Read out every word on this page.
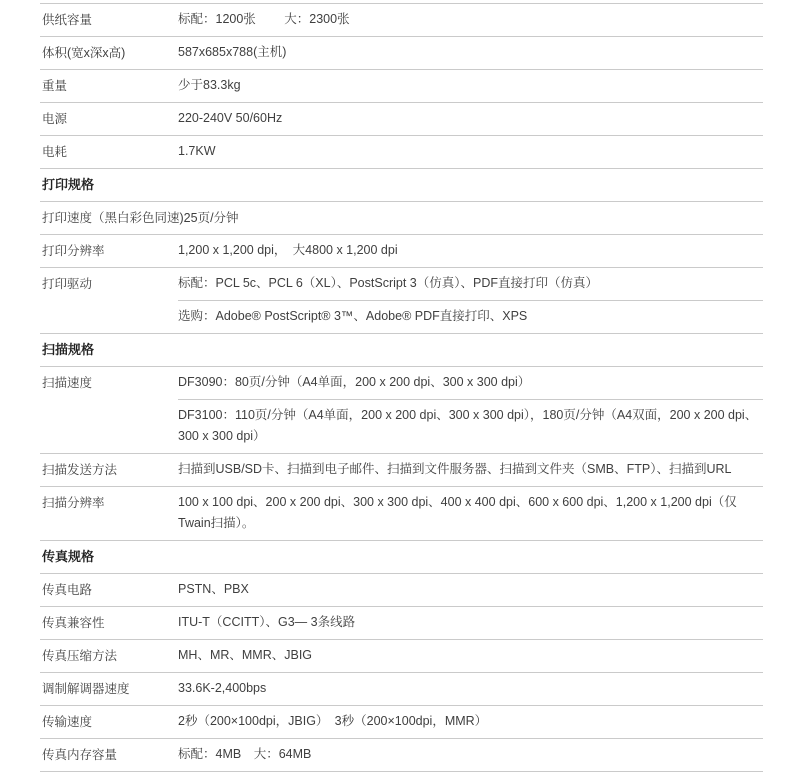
供纸容量	标配：1200张　　 大：2300张
体积(宽x深x高)	587x685x788(主机)
重量	少于83.3kg
电源	220-240V 50/60Hz
电耗	1.7KW
打印规格
打印速度（黑白彩色同速)25页/分钟
打印分辨率	1,200 x 1,200 dpi，　大4800 x 1,200 dpi
打印驱动	标配：PCL 5c、PCL 6（XL）、PostScript 3（仿真）、PDF直接打印（仿真）
选购：Adobe® PostScript® 3™、Adobe® PDF直接打印、XPS
扫描规格
扫描速度	DF3090：80页/分钟（A4单面，200 x 200 dpi、300 x 300 dpi）
DF3100：110页/分钟（A4单面，200 x 200 dpi、300 x 300 dpi），180页/分钟（A4双面，200 x 200 dpi、300 x 300 dpi）
扫描发送方法	扫描到USB/SD卡、扫描到电子邮件、扫描到文件服务器、扫描到文件夹（SMB、FTP）、扫描到URL
扫描分辨率	100 x 100 dpi、200 x 200 dpi、300 x 300 dpi、400 x 400 dpi、600 x 600 dpi、1,200 x 1,200 dpi（仅Twain扫描）。
传真规格
传真电路	PSTN、PBX
传真兼容性	ITU-T（CCITT）、G3— 3条线路
传真压缩方法	MH、MR、MMR、JBIG
调制解调器速度	33.6K-2,400bps
传输速度	2秒（200×100dpi，JBIG）　3秒（200×100dpi，MMR）
传真内存容量	标配：4MB　大：64MB
